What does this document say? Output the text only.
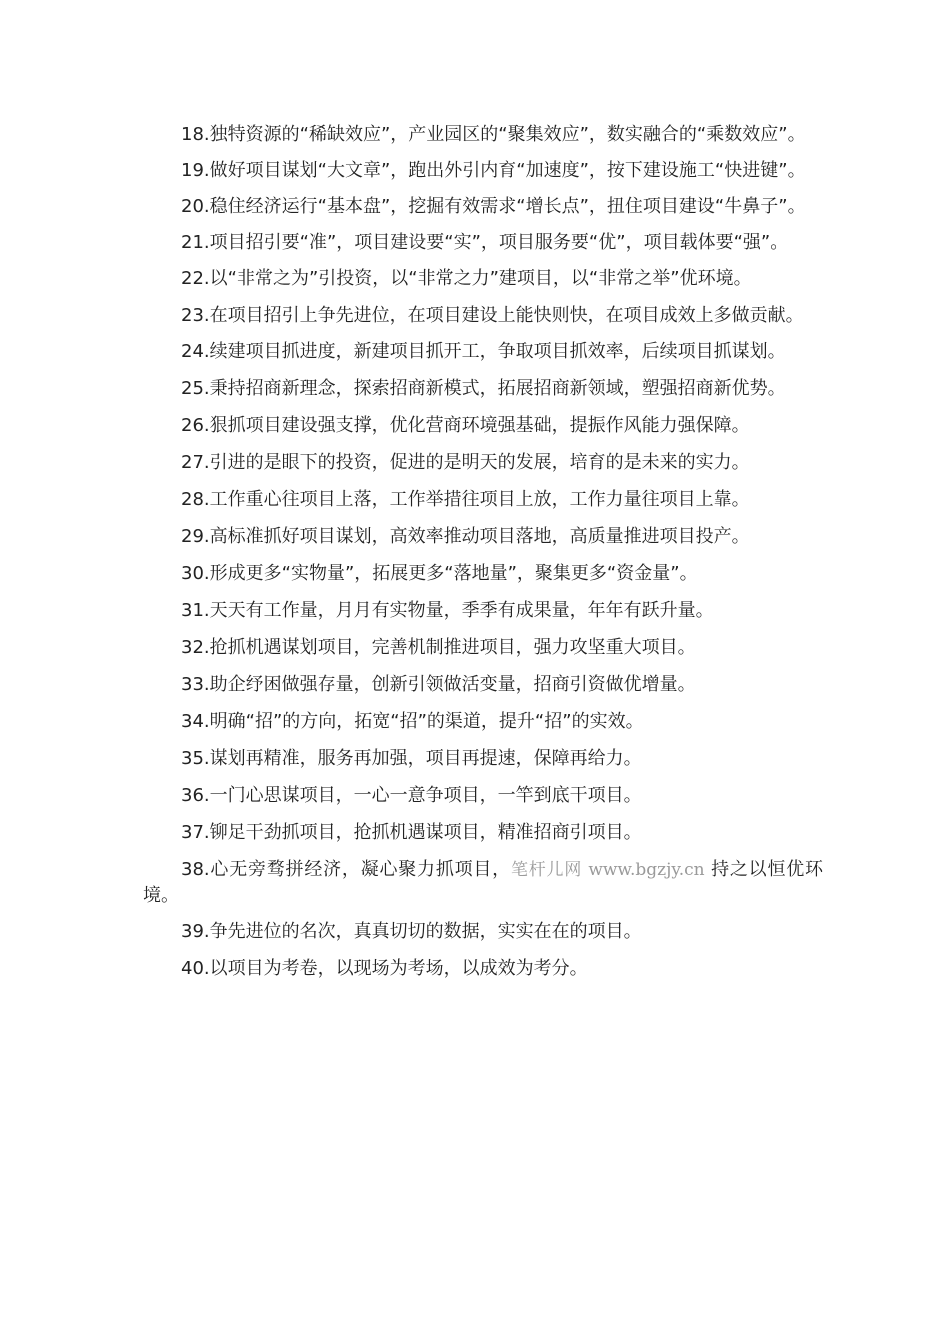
18.独特资源的“稀缺效应”，产业园区的“聚集效应”，数实融合的“乘数效应”。

19.做好项目谋划“大文章”，跑出外引内育“加速度”，按下建设施工“快进键”。

20.稳住经济运行“基本盘”，挖掘有效需求“增长点”，扭住项目建设“牛鼻子”。

21.项目招引要“准”，项目建设要“实”，项目服务要“优”，项目载体要“强”。

22.以“非常之为”引投资，以“非常之力”建项目，以“非常之举”优环境。

23.在项目招引上争先进位，在项目建设上能快则快，在项目成效上多做贡献。

24.续建项目抓进度，新建项目抓开工，争取项目抓效率，后续项目抓谋划。

25.秉持招商新理念，探索招商新模式，拓展招商新领域，塑强招商新优势。

26.狠抓项目建设强支撑，优化营商环境强基础，提振作风能力强保障。

27.引进的是眼下的投资，促进的是明天的发展，培育的是未来的实力。

28.工作重心往项目上落，工作举措往项目上放，工作力量往项目上靠。

29.高标准抓好项目谋划，高效率推动项目落地，高质量推进项目投产。

30.形成更多“实物量”，拓展更多“落地量”，聚集更多“资金量”。

31.天天有工作量，月月有实物量，季季有成果量，年年有跃升量。

32.抢抓机遇谋划项目，完善机制推进项目，强力攻坚重大项目。

33.助企纾困做强存量，创新引领做活变量，招商引资做优增量。

34.明确“招”的方向，拓宽“招”的渠道，提升“招”的实效。

35.谋划再精准，服务再加强，项目再提速，保障再给力。

36.一门心思谋项目，一心一意争项目，一竿到底干项目。

37.铆足干劲抓项目，抢抓机遇谋项目，精准招商引项目。

38.心无旁骛拼经济，凝心聚力抓项目，笔杆儿网 www.bgzjy.cn 持之以恒优环境。

39.争先进位的名次，真真切切的数据，实实在在的项目。

40.以项目为考卷，以现场为考场，以成效为考分。
